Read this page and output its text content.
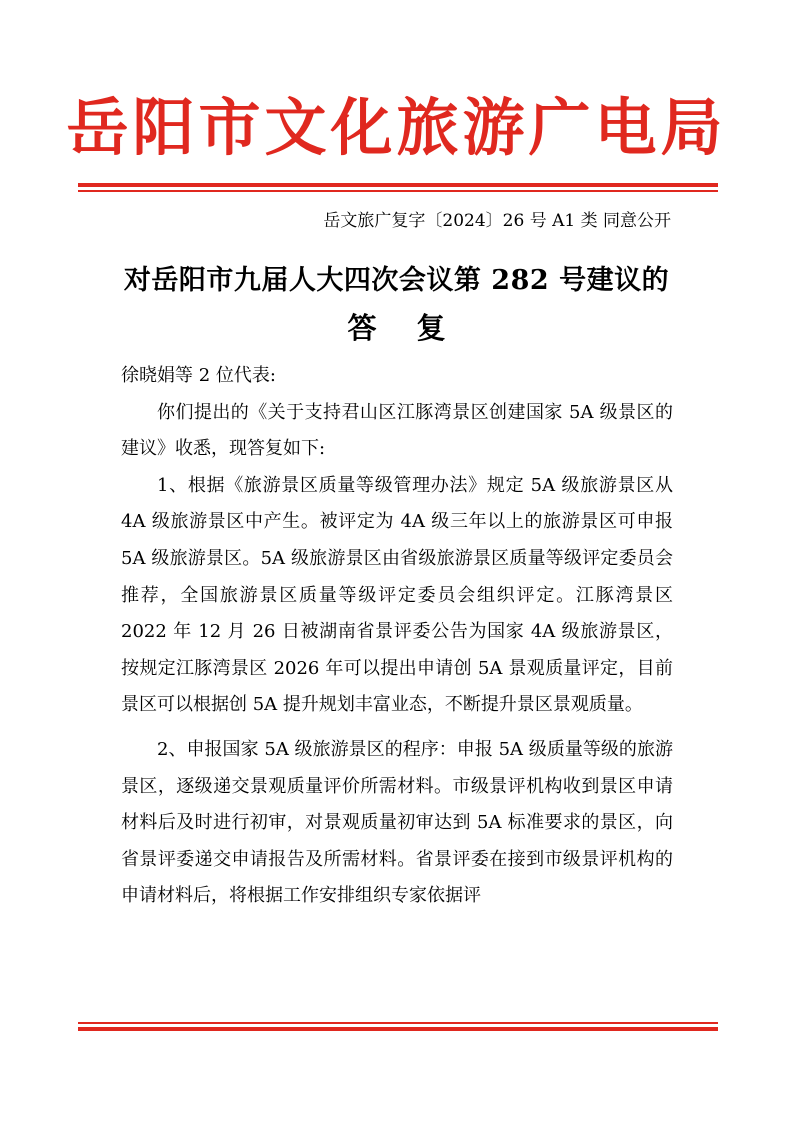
岳阳市文化旅游广电局
岳文旅广复字〔2024〕26 号 A1 类 同意公开
对岳阳市九届人大四次会议第 282 号建议的
答复

徐晓娟等 2 位代表:

你们提出的《关于支持君山区江豚湾景区创建国家 5A 级景区的建议》收悉，现答复如下:

1、根据《旅游景区质量等级管理办法》规定 5A 级旅游景区从 4A 级旅游景区中产生。被评定为 4A 级三年以上的旅游景区可申报 5A 级旅游景区。5A 级旅游景区由省级旅游景区质量等级评定委员会推荐，全国旅游景区质量等级评定委员会组织评定。江豚湾景区 2022 年 12 月 26 日被湖南省景评委公告为国家 4A 级旅游景区，按规定江豚湾景区 2026 年可以提出申请创 5A 景观质量评定，目前景区可以根据创 5A 提升规划丰富业态，不断提升景区景观质量。

2、申报国家 5A 级旅游景区的程序：申报 5A 级质量等级的旅游景区，逐级递交景观质量评价所需材料。市级景评机构收到景区申请材料后及时进行初审，对景观质量初审达到 5A 标准要求的景区，向省景评委递交申请报告及所需材料。省景评委在接到市级景评机构的申请材料后，将根据工作安排组织专家依据评
